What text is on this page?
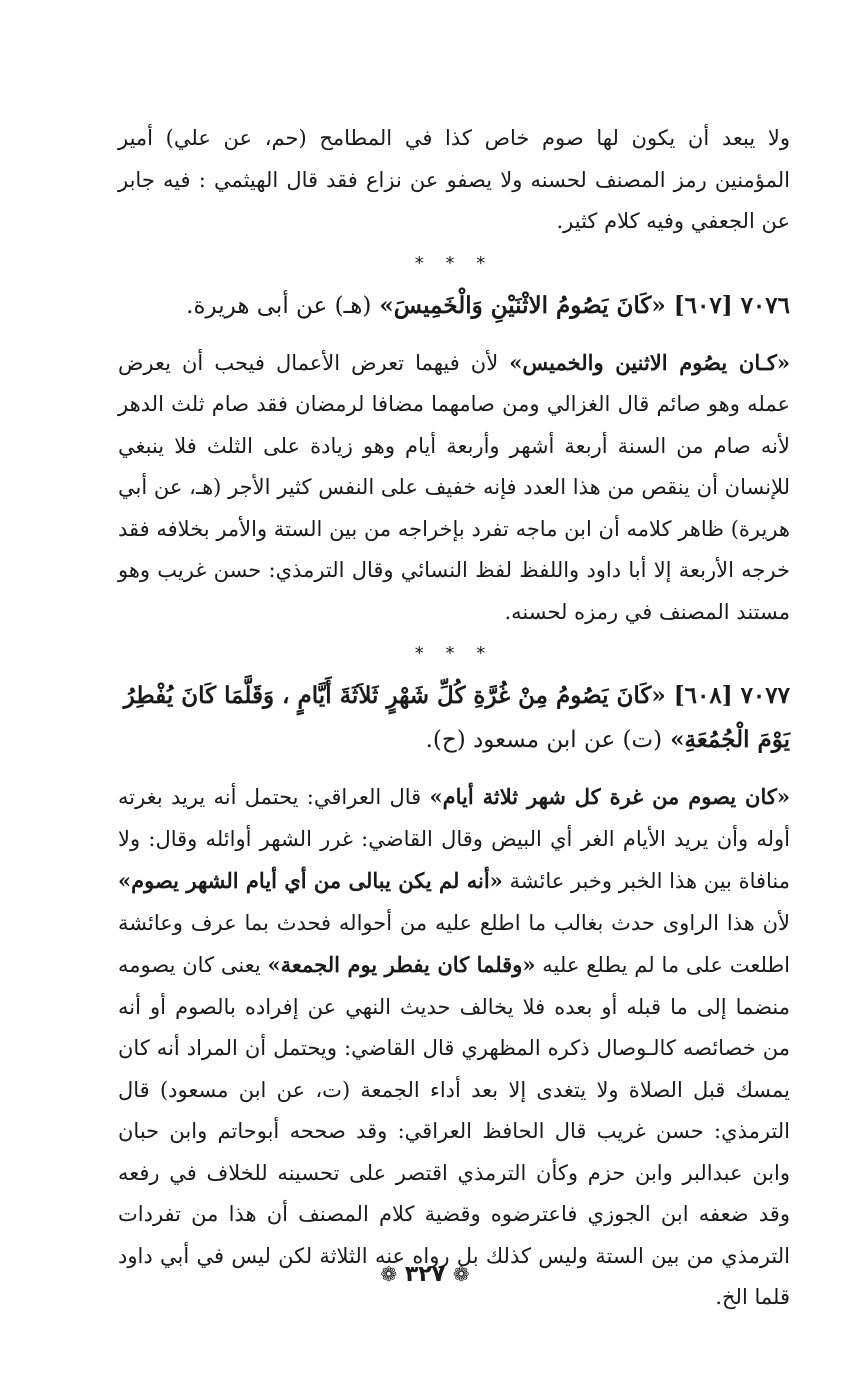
ولا يبعد أن يكون لها صوم خاص كذا في المطامح (حم، عن علي) أمير المؤمنين رمز المصنف لحسنه ولا يصفو عن نزاع فقد قال الهيثمي : فيه جابر عن الجعفي وفيه كلام كثير.

* * *

٧٠٧٦ [٦٠٧] «كَانَ يَصُومُ الاثْنَيْنِ وَالْخَمِيسَ» (هـ) عن أبى هريرة.

«كـان يصُوم الاثنين والخميس» لأن فيهما تعرض الأعمال فيحب أن يعرض عمله وهو صائم قال الغزالي ومن صامهما مضافا لرمضان فقد صام ثلث الدهر لأنه صام من السنة أربعة أشهر وأربعة أيام وهو زيادة على الثلث فلا ينبغي للإنسان أن ينقص من هذا العدد فإنه خفيف على النفس كثير الأجر (هـ، عن أبي هريرة) ظاهر كلامه أن ابن ماجه تفرد بإخراجه من بين الستة والأمر بخلافه فقد خرجه الأربعة إلا أبا داود واللفظ لفظ النسائي وقال الترمذي: حسن غريب وهو مستند المصنف في رمزه لحسنه.

* * *

٧٠٧٧ [٦٠٨] «كَانَ يَصُومُ مِنْ غُرَّةِ كُلِّ شَهْرٍ ثَلاَثَةَ أَيَّامٍ ، وَقَلَّمَا كَانَ يُفْطِرُ يَوْمَ الْجُمُعَةِ» (ت) عن ابن مسعود (ح).

«كان يصوم من غرة كل شهر ثلاثة أيام» قال العراقي: يحتمل أنه يريد بغرته أوله وأن يريد الأيام الغر أي البيض وقال القاضي: غرر الشهر أوائله وقال: ولا منافاة بين هذا الخبر وخبر عائشة «أنه لم يكن يبالى من أي أيام الشهر يصوم» لأن هذا الراوى حدث بغالب ما اطلع عليه من أحواله فحدث بما عرف وعائشة اطلعت على ما لم يطلع عليه «وقلما كان يفطر يوم الجمعة» يعنى كان يصومه منضما إلى ما قبله أو بعده فلا يخالف حديث النهي عن إفراده بالصوم أو أنه من خصائصه كالـوصال ذكره المظهري قال القاضي: ويحتمل أن المراد أنه كان يمسك قبل الصلاة ولا يتغدى إلا بعد أداء الجمعة (ت، عن ابن مسعود) قال الترمذي: حسن غريب قال الحافظ العراقي: وقد صححه أبوحاتم وابن حبان وابن عبدالبر وابن حزم وكأن الترمذي اقتصر على تحسينه للخلاف في رفعه وقد ضعفه ابن الجوزي فاعترضوه وقضية كلام المصنف أن هذا من تفردات الترمذي من بين الستة وليس كذلك بل رواه عنه الثلاثة لكن ليس في أبي داود قلما الخ.

❁ ٣٢٧ ❁
